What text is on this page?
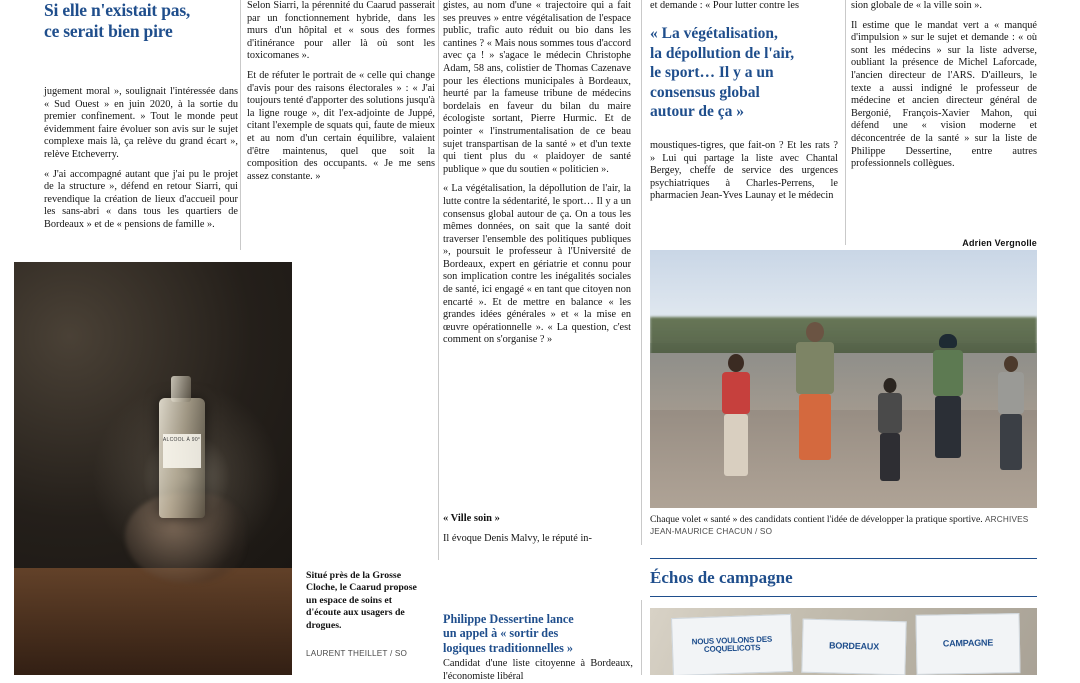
Si elle n'existait pas,
ce serait bien pire

jugement moral », soulignait l'intéressée dans « Sud Ouest » en juin 2020, à la sortie du premier confinement. » Tout le monde peut évidemment faire évoluer son avis sur le sujet complexe mais là, ça relève du grand écart », relève Etcheverry.

« J'ai accompagné autant que j'ai pu le projet de la structure », défend en retour Siarri, qui revendique la création de lieux d'accueil pour les sans-abri « dans tous les quartiers de Bordeaux » et de « pensions de famille ».

Selon Siarri, la pérennité du Caarud passerait par un fonctionnement hybride, dans les murs d'un hôpital et « sous des formes d'itinérance pour aller là où sont les toxicomanes ».

Et de réfuter le portrait de « celle qui change d'avis pour des raisons électorales » : « J'ai toujours tenté d'apporter des solutions jusqu'à la ligne rouge », dit l'ex-adjointe de Juppé, citant l'exemple de squats qui, faute de mieux et au nom d'un certain équilibre, valaient d'être maintenus, quel que soit la composition des occupants. « Je me sens assez constante. »

gistes, au nom d'une « trajectoire qui a fait ses preuves » entre végétalisation de l'espace public, trafic auto réduit ou bio dans les cantines ? « Mais nous sommes tous d'accord avec ça ! » s'agace le médecin Christophe Adam, 58 ans, colistier de Thomas Cazenave pour les élections municipales à Bordeaux, heurté par la fameuse tribune de médecins bordelais en faveur du bilan du maire écologiste sortant, Pierre Hurmic. Et de pointer « l'instrumentalisation de ce beau sujet transpartisan de la santé » et d'un texte qui tient plus du « plaidoyer de santé publique » que du soutien « politicien ».

« La végétalisation, la dépollution de l'air, la lutte contre la sédentarité, le sport… Il y a un consensus global autour de ça. On a tous les mêmes données, on sait que la santé doit traverser l'ensemble des politiques publiques », poursuit le professeur à l'Université de Bordeaux, expert en gériatrie et connu pour son implication contre les inégalités sociales de santé, ici engagé « en tant que citoyen non encarté ». Et de mettre en balance « les grandes idées générales » et « la mise en œuvre opérationnelle ». « La question, c'est comment on s'organise ? »

« Ville soin »

Il évoque Denis Malvy, le réputé in-

et demande : « Pour lutter contre les

« La végétalisation,
la dépollution de l'air,
le sport… Il y a un
consensus global
autour de ça »

moustiques-tigres, que fait-on ? Et les rats ? » Lui qui partage la liste avec Chantal Bergey, cheffe de service des urgences psychiatriques à Charles-Perrens, le pharmacien Jean-Yves Launay et le médecin

sion globale de « la ville soin ».

Il estime que le mandat vert a « manqué d'impulsion » sur le sujet et demande : « où sont les médecins » sur la liste adverse, oubliant la présence de Michel Laforcade, l'ancien directeur de l'ARS. D'ailleurs, le texte a aussi indigné le professeur de médecine et ancien directeur général de Bergonié, François-Xavier Mahon, qui défend une « vision moderne et déconcentrée de la santé » sur la liste de Philippe Dessertine, entre autres professionnels collègues.

Adrien Vergnolle
ALCOOL À 90°
Situé près de la Grosse Cloche, le Caarud propose un espace de soins et d'écoute aux usagers de drogues.
LAURENT THEILLET / SO
Chaque volet « santé » des candidats contient l'idée de développer la pratique sportive. ARCHIVES JEAN-MAURICE CHACUN / SO
Échos de campagne
Philippe Dessertine lance
un appel à « sortir des
logiques traditionnelles »

Candidat d'une liste citoyenne à Bordeaux, l'économiste libéral

NOUS VOULONS DES COQUELICOTS	BORDEAUX	CAMPAGNE
